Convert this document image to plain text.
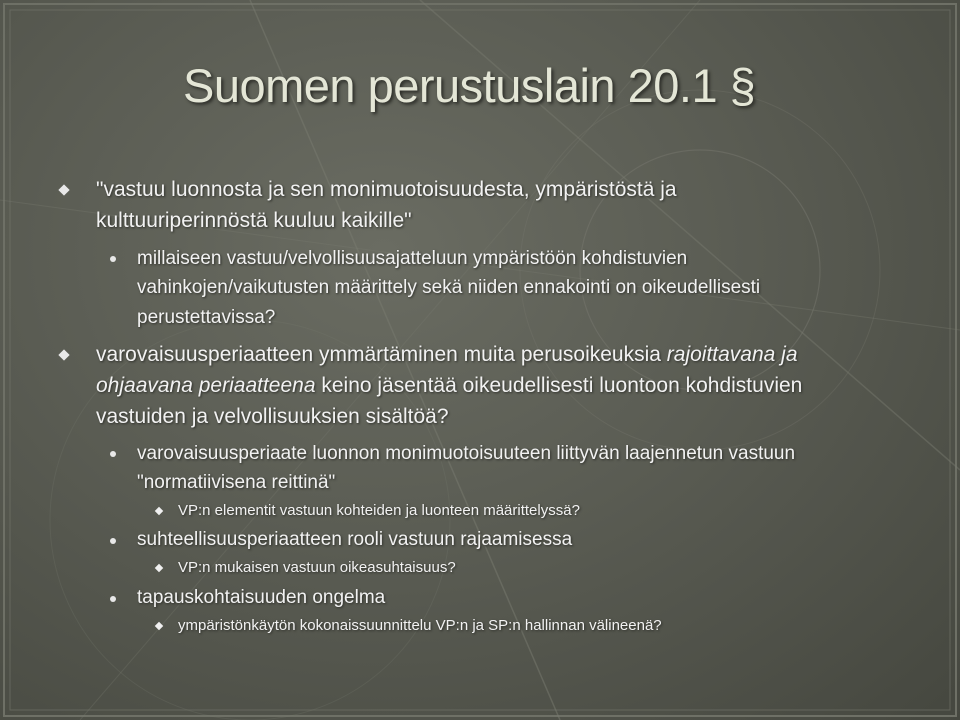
Suomen perustuslain 20.1 §
"vastuu luonnosta ja sen monimuotoisuudesta, ympäristöstä ja
kulttuuriperinnöstä kuuluu kaikille"
millaiseen vastuu/velvollisuusajatteluun ympäristöön kohdistuvien
vahinkojen/vaikutusten määrittely sekä niiden ennakointi on oikeudellisesti
perustettavissa?
varovaisuusperiaatteen ymmärtäminen muita perusoikeuksia rajoittavana ja
ohjaavana periaatteena keino jäsentää oikeudellisesti luontoon kohdistuvien
vastuiden ja velvollisuuksien sisältöä?
varovaisuusperiaate luonnon monimuotoisuuteen liittyvän laajennetun vastuun
"normatiivisena reittinä"
VP:n elementit vastuun kohteiden ja luonteen määrittelyssä?
suhteellisuusperiaatteen rooli vastuun rajaamisessa
VP:n mukaisen vastuun oikeasuhtaisuus?
tapauskohtaisuuden ongelma
ympäristönkäytön kokonaissuunnittelu VP:n ja SP:n hallinnan välineenä?
